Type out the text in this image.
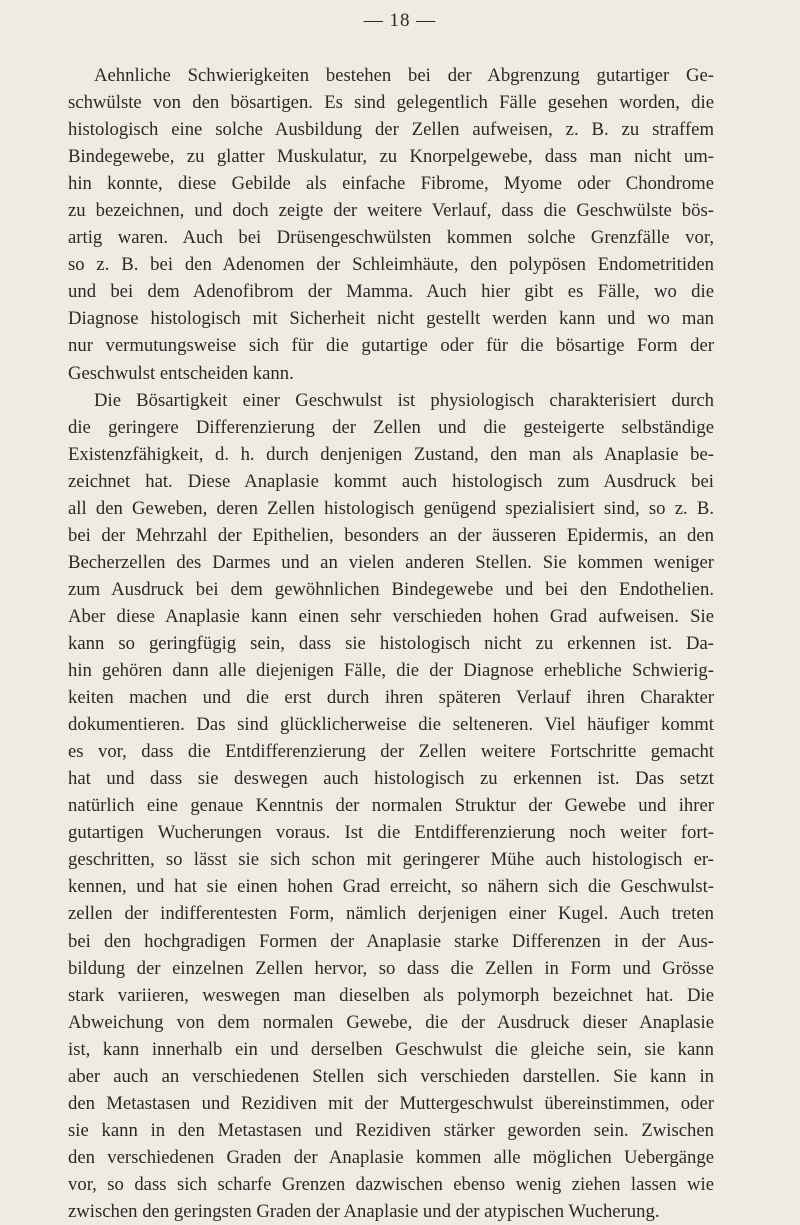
— 18 —
Aehnliche Schwierigkeiten bestehen bei der Abgrenzung gutartiger Ge-
schwülste von den bösartigen. Es sind gelegentlich Fälle gesehen worden, die
histologisch eine solche Ausbildung der Zellen aufweisen, z. B. zu straffem
Bindegewebe, zu glatter Muskulatur, zu Knorpelgewebe, dass man nicht um-
hin konnte, diese Gebilde als einfache Fibrome, Myome oder Chondrome
zu bezeichnen, und doch zeigte der weitere Verlauf, dass die Geschwülste bös-
artig waren. Auch bei Drüsengeschwülsten kommen solche Grenzfälle vor,
so z. B. bei den Adenomen der Schleimhäute, den polypösen Endometritiden
und bei dem Adenofibrom der Mamma. Auch hier gibt es Fälle, wo die
Diagnose histologisch mit Sicherheit nicht gestellt werden kann und wo man
nur vermutungsweise sich für die gutartige oder für die bösartige Form der
Geschwulst entscheiden kann.
Die Bösartigkeit einer Geschwulst ist physiologisch charakterisiert durch
die geringere Differenzierung der Zellen und die gesteigerte selbständige
Existenzfähigkeit, d. h. durch denjenigen Zustand, den man als Anaplasie be-
zeichnet hat. Diese Anaplasie kommt auch histologisch zum Ausdruck bei
all den Geweben, deren Zellen histologisch genügend spezialisiert sind, so z. B.
bei der Mehrzahl der Epithelien, besonders an der äusseren Epidermis, an den
Becherzellen des Darmes und an vielen anderen Stellen. Sie kommen weniger
zum Ausdruck bei dem gewöhnlichen Bindegewebe und bei den Endothelien.
Aber diese Anaplasie kann einen sehr verschieden hohen Grad aufweisen. Sie
kann so geringfügig sein, dass sie histologisch nicht zu erkennen ist. Da-
hin gehören dann alle diejenigen Fälle, die der Diagnose erhebliche Schwierig-
keiten machen und die erst durch ihren späteren Verlauf ihren Charakter
dokumentieren. Das sind glücklicherweise die selteneren. Viel häufiger kommt
es vor, dass die Entdifferenzierung der Zellen weitere Fortschritte gemacht
hat und dass sie deswegen auch histologisch zu erkennen ist. Das setzt
natürlich eine genaue Kenntnis der normalen Struktur der Gewebe und ihrer
gutartigen Wucherungen voraus. Ist die Entdifferenzierung noch weiter fort-
geschritten, so lässt sie sich schon mit geringerer Mühe auch histologisch er-
kennen, und hat sie einen hohen Grad erreicht, so nähern sich die Geschwulst-
zellen der indifferentesten Form, nämlich derjenigen einer Kugel. Auch treten
bei den hochgradigen Formen der Anaplasie starke Differenzen in der Aus-
bildung der einzelnen Zellen hervor, so dass die Zellen in Form und Grösse
stark variieren, weswegen man dieselben als polymorph bezeichnet hat. Die
Abweichung von dem normalen Gewebe, die der Ausdruck dieser Anaplasie
ist, kann innerhalb ein und derselben Geschwulst die gleiche sein, sie kann
aber auch an verschiedenen Stellen sich verschieden darstellen. Sie kann in
den Metastasen und Rezidiven mit der Muttergeschwulst übereinstimmen, oder
sie kann in den Metastasen und Rezidiven stärker geworden sein. Zwischen
den verschiedenen Graden der Anaplasie kommen alle möglichen Uebergänge
vor, so dass sich scharfe Grenzen dazwischen ebenso wenig ziehen lassen wie
zwischen den geringsten Graden der Anaplasie und der atypischen Wucherung.
